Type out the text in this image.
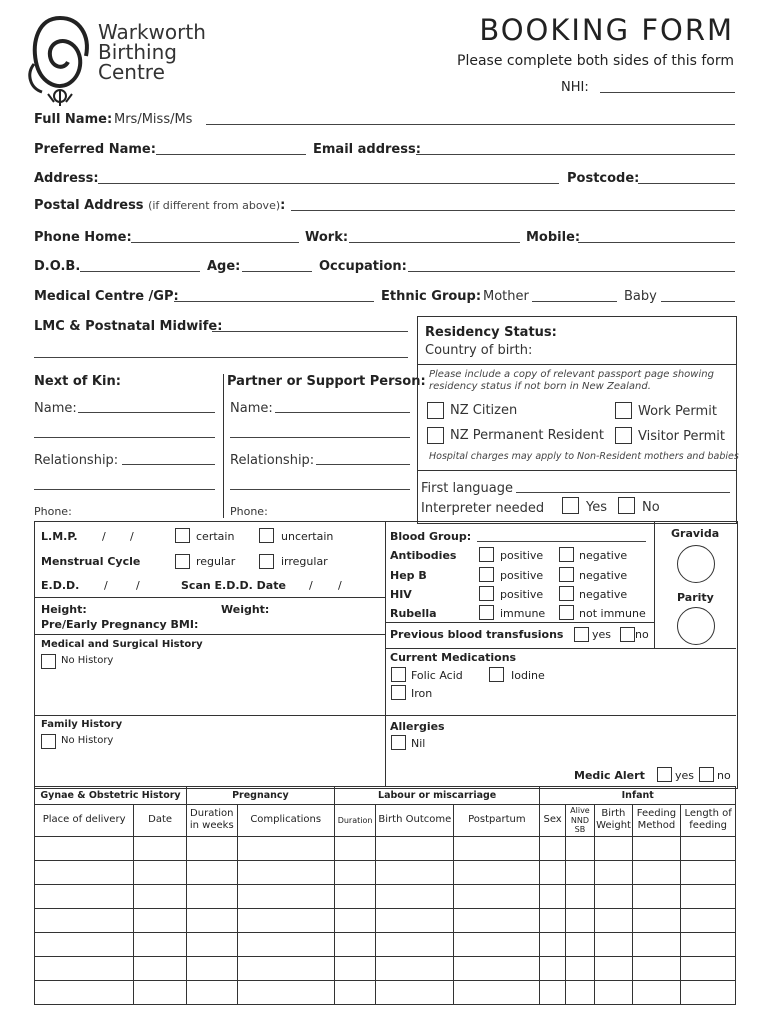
Warkworth
Birthing
Centre
BOOKING FORM
Please complete both sides of this form
NHI:
Full Name: Mrs/Miss/Ms
Preferred Name:	Email address:
Address:	Postcode:
Postal Address (if different from above):
Phone Home:	Work:	Mobile:
D.O.B.	Age:	Occupation:
Medical Centre /GP:	Ethnic Group: Mother	Baby
LMC & Postnatal Midwife:
Next of Kin:	Partner or Support Person:
Name:	Name:
Relationship:	Relationship:
Phone:	Phone:
Residency Status:
Country of birth:
Please include a copy of relevant passport page showing residency status if not born in New Zealand.
NZ Citizen	Work Permit
NZ Permanent Resident	Visitor Permit
Hospital charges may apply to Non-Resident mothers and babies
First language
Interpreter needed	Yes	No
L.M.P. / /	certain	uncertain
Menstrual Cycle	regular	irregular
E.D.D. /	/	Scan E.D.D. Date / /
Height:	Weight:
Pre/Early Pregnancy BMI:
Medical and Surgical History
No History
Family History
No History
Blood Group:
Antibodies	positive	negative
Hep B	positive	negative
HIV	positive	negative
Rubella	immune	not immune
Previous blood transfusions	yes no
Gravida
Parity
Current Medications
Folic Acid	Iodine
Iron
Allergies
Nil
Medic Alert	yes no
Gynae & Obstetric History		Pregnancy		Labour or miscarriage			Infant				
Place of delivery	Date	Duration in weeks	Complications	Duration	Birth Outcome	Postpartum	Sex	Alive NND SB	Birth Weight	Feeding Method	Length of feeding
